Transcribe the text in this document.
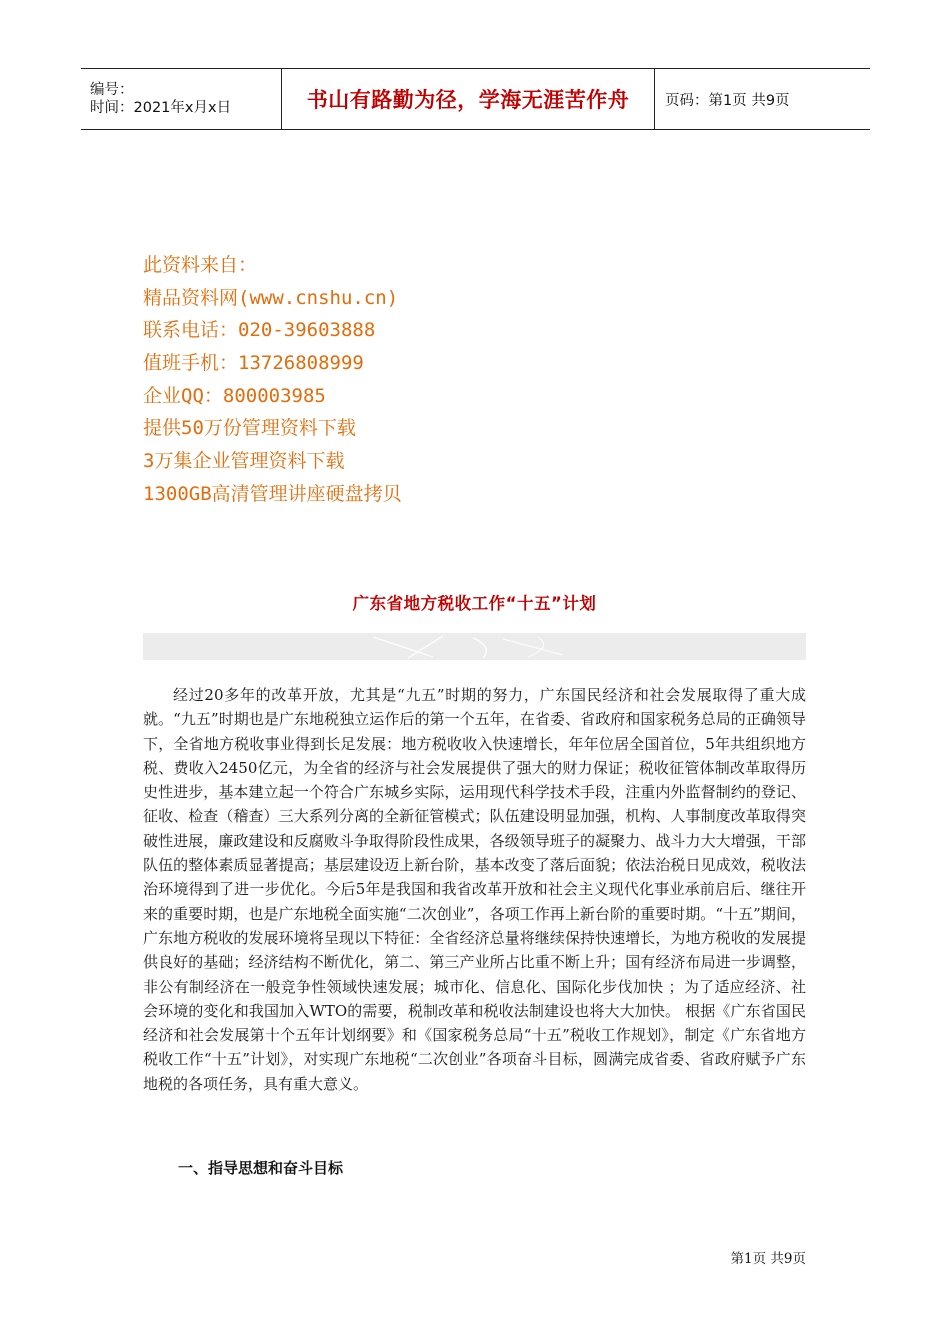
编号：
时间：2021年x月x日	书山有路勤为径，学海无涯苦作舟	页码：第1页 共9页
此资料来自：
精品资料网(www.cnshu.cn)
联系电话：020-39603888
值班手机：13726808999
企业QQ：800003985
提供50万份管理资料下载
3万集企业管理资料下载
1300GB高清管理讲座硬盘拷贝
广东省地方税收工作“十五”计划

经过20多年的改革开放，尤其是“九五”时期的努力，广东国民经济和社会发展取得了重大成就。“九五”时期也是广东地税独立运作后的第一个五年，在省委、省政府和国家税务总局的正确领导下，全省地方税收事业得到长足发展：地方税收收入快速增长，年年位居全国首位，5年共组织地方税、费收入2450亿元，为全省的经济与社会发展提供了强大的财力保证；税收征管体制改革取得历史性进步，基本建立起一个符合广东城乡实际，运用现代科学技术手段，注重内外监督制约的登记、征收、检查（稽查）三大系列分离的全新征管模式；队伍建设明显加强，机构、人事制度改革取得突破性进展，廉政建设和反腐败斗争取得阶段性成果，各级领导班子的凝聚力、战斗力大大增强，干部队伍的整体素质显著提高；基层建设迈上新台阶，基本改变了落后面貌；依法治税日见成效，税收法治环境得到了进一步优化。今后5年是我国和我省改革开放和社会主义现代化事业承前启后、继往开来的重要时期，也是广东地税全面实施“二次创业”，各项工作再上新台阶的重要时期。“十五”期间，广东地方税收的发展环境将呈现以下特征：全省经济总量将继续保持快速增长，为地方税收的发展提供良好的基础；经济结构不断优化，第二、第三产业所占比重不断上升；国有经济布局进一步调整，非公有制经济在一般竞争性领域快速发展；城市化、信息化、国际化步伐加快 ；为了适应经济、社会环境的变化和我国加入WTO的需要，税制改革和税收法制建设也将大大加快。 根据《广东省国民经济和社会发展第十个五年计划纲要》和《国家税务总局“十五”税收工作规划》，制定《广东省地方税收工作“十五”计划》，对实现广东地税“二次创业”各项奋斗目标，圆满完成省委、省政府赋予广东地税的各项任务，具有重大意义。

一、指导思想和奋斗目标
第1页 共9页
